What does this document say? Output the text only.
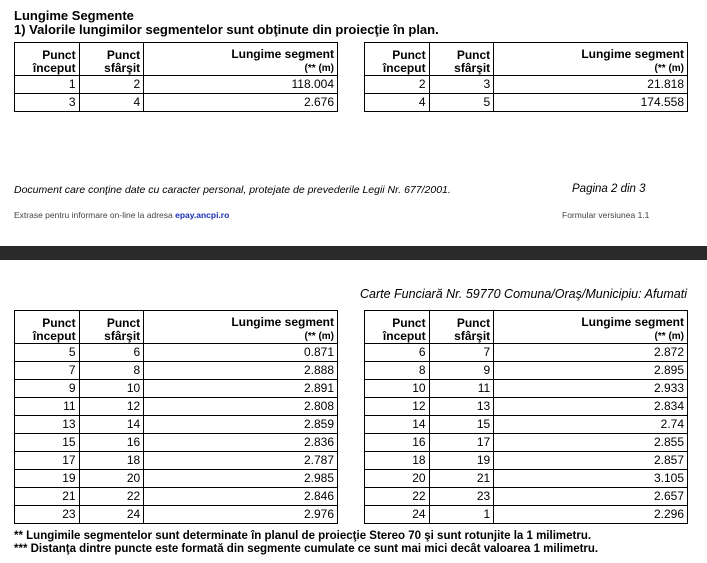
Lungime Segmente
1) Valorile lungimilor segmentelor sunt obţinute din proiecţie în plan.
Punct
început	Punct
sfârşit	Lungime segment
(** (m)
1	2	118.004
3	4	2.676
Punct
început	Punct
sfârşit	Lungime segment
(** (m)
2	3	21.818
4	5	174.558
Document care conţine date cu caracter personal, protejate de prevederile Legii Nr. 677/2001.	Pagina 2 din 3
Extrase pentru informare on-line la adresa epay.ancpi.ro	Formular versiunea 1.1
Carte Funciară Nr. 59770 Comuna/Oraş/Municipiu: Afumati
Punct
început	Punct
sfârşit	Lungime segment
(** (m)
5	6	0.871
7	8	2.888
9	10	2.891
11	12	2.808
13	14	2.859
15	16	2.836
17	18	2.787
19	20	2.985
21	22	2.846
23	24	2.976
Punct
început	Punct
sfârşit	Lungime segment
(** (m)
6	7	2.872
8	9	2.895
10	11	2.933
12	13	2.834
14	15	2.74
16	17	2.855
18	19	2.857
20	21	3.105
22	23	2.657
24	1	2.296
** Lungimile segmentelor sunt determinate în planul de proiecţie Stereo 70 şi sunt rotunjite la 1 milimetru.
*** Distanţa dintre puncte este formată din segmente cumulate ce sunt mai mici decât valoarea 1 milimetru.
